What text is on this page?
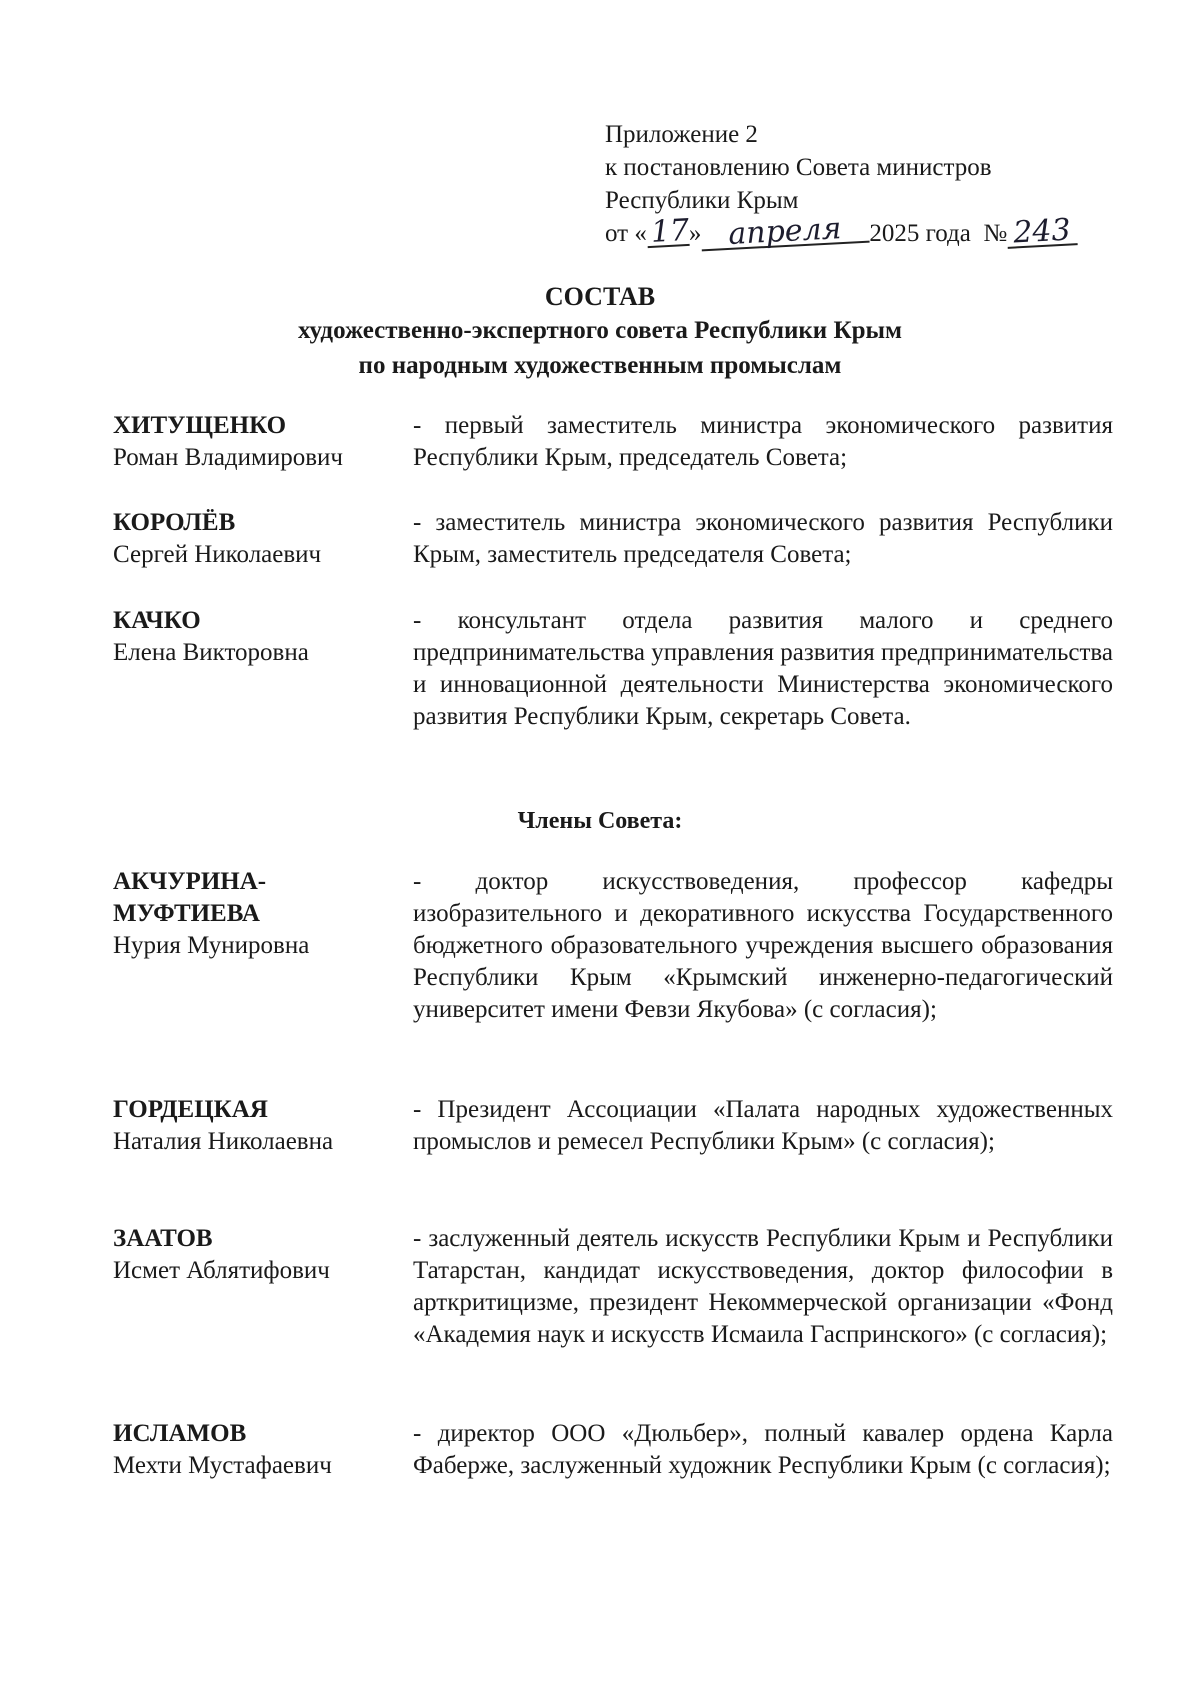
Приложение 2
к постановлению Совета министров
Республики Крым
от « 17» апреля 2025 года № 243
СОСТАВ
художественно-экспертного совета Республики Крым
по народным художественным промыслам
ХИТУЩЕНКО
Роман Владимирович
- первый заместитель министра экономического развития Республики Крым, председатель Совета;
КОРОЛЁВ
Сергей Николаевич
- заместитель министра экономического развития Республики Крым, заместитель председателя Совета;
КАЧКО
Елена Викторовна
- консультант отдела развития малого и среднего предпринимательства управления развития предпринимательства и инновационной деятельности Министерства экономического развития Республики Крым, секретарь Совета.
Члены Совета:
АКЧУРИНА-
МУФТИЕВА
Нурия Мунировна
- доктор искусствоведения, профессор кафедры изобразительного и декоративного искусства Государственного бюджетного образовательного учреждения высшего образования Республики Крым «Крымский инженерно-педагогический университет имени Февзи Якубова» (с согласия);
ГОРДЕЦКАЯ
Наталия Николаевна
- Президент Ассоциации «Палата народных художественных промыслов и ремесел Республики Крым» (с согласия);
ЗААТОВ
Исмет Аблятифович
- заслуженный деятель искусств Республики Крым и Республики Татарстан, кандидат искусствоведения, доктор философии в арткритицизме, президент Некоммерческой организации «Фонд «Академия наук и искусств Исмаила Гаспринского» (с согласия);
ИСЛАМОВ
Мехти Мустафаевич
- директор ООО «Дюльбер», полный кавалер ордена Карла Фаберже, заслуженный художник Республики Крым (с согласия);
